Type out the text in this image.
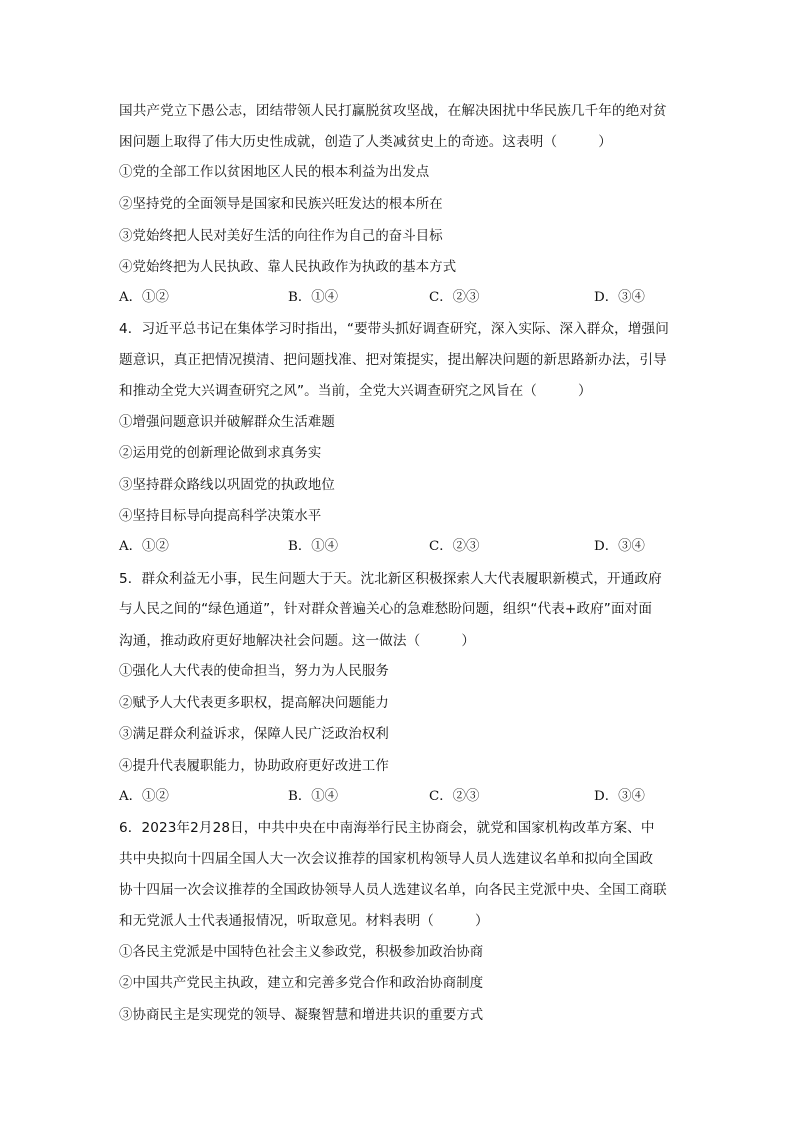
国共产党立下愚公志，团结带领人民打赢脱贫攻坚战，在解决困扰中华民族几千年的绝对贫
困问题上取得了伟大历史性成就，创造了人类减贫史上的奇迹。这表明（　　　）
①党的全部工作以贫困地区人民的根本利益为出发点
②坚持党的全面领导是国家和民族兴旺发达的根本所在
③党始终把人民对美好生活的向往作为自己的奋斗目标
④党始终把为人民执政、靠人民执政作为执政的基本方式
A．①②	B．①④	C．②③	D．③④
4．习近平总书记在集体学习时指出，“要带头抓好调查研究，深入实际、深入群众，增强问
题意识，真正把情况摸清、把问题找准、把对策提实，提出解决问题的新思路新办法，引导
和推动全党大兴调查研究之风”。当前，全党大兴调查研究之风旨在（　　　）
①增强问题意识并破解群众生活难题
②运用党的创新理论做到求真务实
③坚持群众路线以巩固党的执政地位
④坚持目标导向提高科学决策水平
A．①②	B．①④	C．②③	D．③④
5．群众利益无小事，民生问题大于天。沈北新区积极探索人大代表履职新模式，开通政府
与人民之间的“绿色通道”，针对群众普遍关心的急难愁盼问题，组织“代表+政府”面对面
沟通，推动政府更好地解决社会问题。这一做法（　　　）
①强化人大代表的使命担当，努力为人民服务
②赋予人大代表更多职权，提高解决问题能力
③满足群众利益诉求，保障人民广泛政治权利
④提升代表履职能力，协助政府更好改进工作
A．①②	B．①④	C．②③	D．③④
6．2023年2月28日，中共中央在中南海举行民主协商会，就党和国家机构改革方案、中
共中央拟向十四届全国人大一次会议推荐的国家机构领导人员人选建议名单和拟向全国政
协十四届一次会议推荐的全国政协领导人员人选建议名单，向各民主党派中央、全国工商联
和无党派人士代表通报情况，听取意见。材料表明（　　　）
①各民主党派是中国特色社会主义参政党，积极参加政治协商
②中国共产党民主执政，建立和完善多党合作和政治协商制度
③协商民主是实现党的领导、凝聚智慧和增进共识的重要方式
